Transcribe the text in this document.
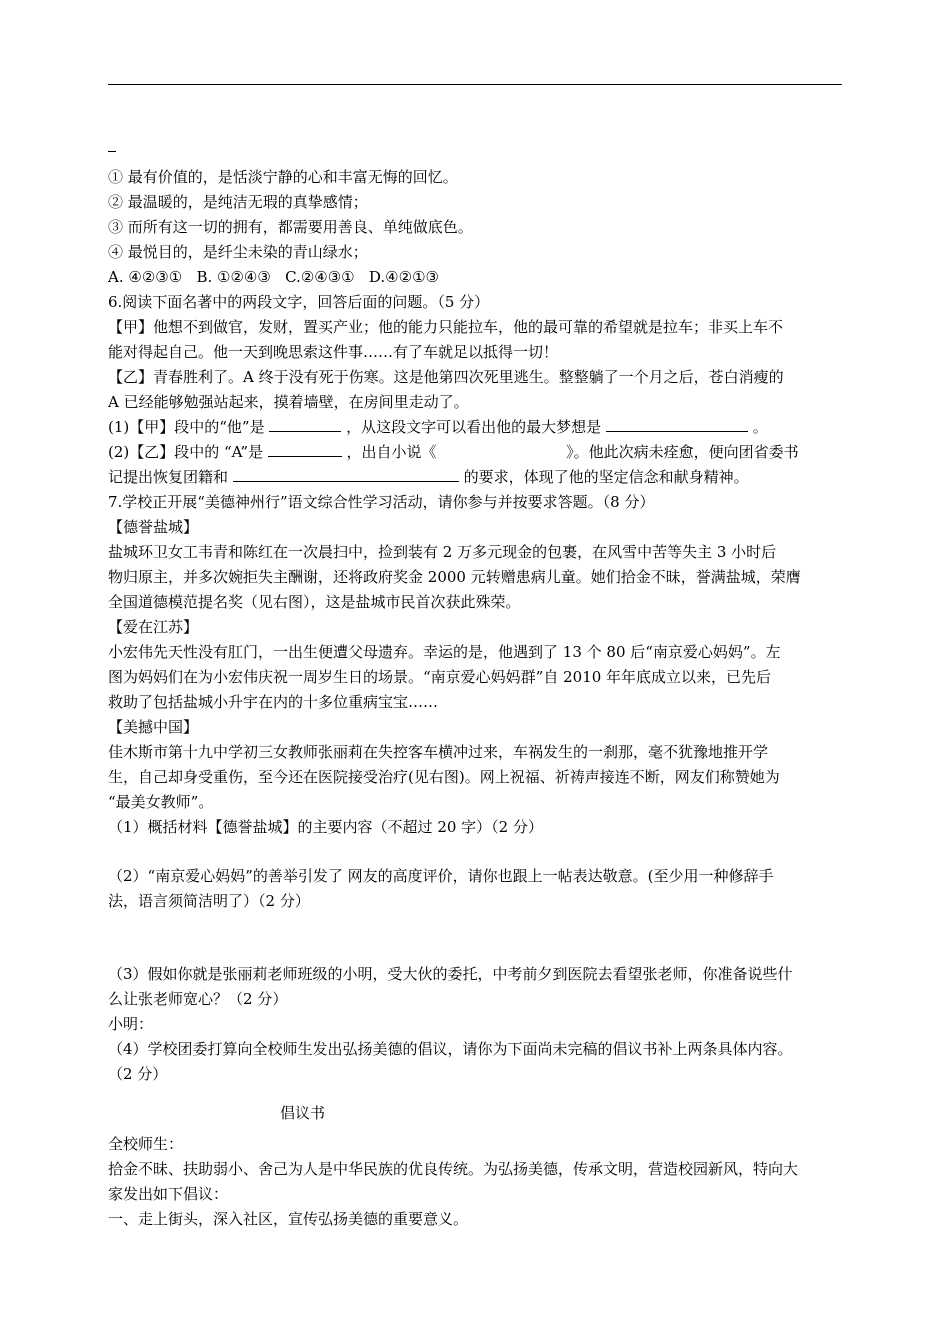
① 最有价值的，是恬淡宁静的心和丰富无悔的回忆。
② 最温暖的，是纯洁无瑕的真挚感情；
③ 而所有这一切的拥有，都需要用善良、单纯做底色。
④ 最悦目的，是纤尘未染的青山绿水；
A. ④②③①   B. ①②④③   C.②④③①   D.④②①③
6.阅读下面名著中的两段文字，回答后面的问题。（5 分）
【甲】他想不到做官，发财，置买产业；他的能力只能拉车，他的最可靠的希望就是拉车；非买上车不
能对得起自己。他一天到晚思索这件事……有了车就足以抵得一切！
【乙】青春胜利了。A 终于没有死于伤寒。这是他第四次死里逃生。整整躺了一个月之后，苍白消瘦的
A 已经能够勉强站起来，摸着墙壁，在房间里走动了。
(1)【甲】段中的“他”是	，从这段文字可以看出他的最大梦想是	。
(2)【乙】段中的 “A”是	，出自小说《	》。他此次病未痊愈，便向团省委书
记提出恢复团籍和	的要求，体现了他的坚定信念和献身精神。
7.学校正开展“美德神州行”语文综合性学习活动，请你参与并按要求答题。（8 分）
【德誉盐城】
盐城环卫女工韦青和陈红在一次晨扫中，捡到装有 2 万多元现金的包裹，在风雪中苦等失主 3 小时后
物归原主，并多次婉拒失主酬谢，还将政府奖金 2000 元转赠患病儿童。她们拾金不昧，誉满盐城，荣膺
全国道德模范提名奖（见右图），这是盐城市民首次获此殊荣。
【爱在江苏】
小宏伟先天性没有肛门，一出生便遭父母遗弃。幸运的是，他遇到了 13 个 80 后“南京爱心妈妈”。左
图为妈妈们在为小宏伟庆祝一周岁生日的场景。“南京爱心妈妈群”自 2010 年年底成立以来，已先后
救助了包括盐城小升宇在内的十多位重病宝宝……
【美撼中国】
佳木斯市第十九中学初三女教师张丽莉在失控客车横冲过来，车祸发生的一刹那，毫不犹豫地推开学
生，自己却身受重伤，至今还在医院接受治疗(见右图)。网上祝福、祈祷声接连不断，网友们称赞她为
“最美女教师”。
（1）概括材料【德誉盐城】的主要内容（不超过 20 字）（2 分）
（2）“南京爱心妈妈”的善举引发了 网友的高度评价，请你也跟上一帖表达敬意。(至少用一种修辞手
法，语言须简洁明了）（2 分）
（3）假如你就是张丽莉老师班级的小明，受大伙的委托，中考前夕到医院去看望张老师，你准备说些什
么让张老师宽心？（2 分）
小明：
（4）学校团委打算向全校师生发出弘扬美德的倡议，请你为下面尚未完稿的倡议书补上两条具体内容。
（2 分）
倡议书
全校师生：
拾金不昧、扶助弱小、舍己为人是中华民族的优良传统。为弘扬美德，传承文明，营造校园新风，特向大
家发出如下倡议：
一、走上街头，深入社区，宣传弘扬美德的重要意义。
